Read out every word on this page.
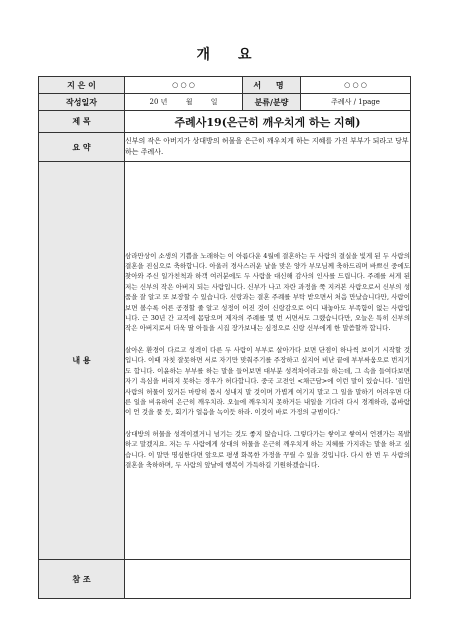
개 요
지 은 이	○ ○ ○	서 명	○ ○ ○
작성일자	20 년 월 일	분류/분량	주례사 / 1page
제 목	주례사19(은근히 깨우치게 하는 지혜)		
요 약	신부의 작은 아버지가 상대방의 허물을 은근히 깨우치게 하는 지혜를 가진 부부가 되라고 당부하는 주례사.		
내 용	삼라만상이 소생의 기쁨을 노래하는 이 아름다운 4월에 결혼하는 두 사람의 결실을 빛게 된 두 사람의 결혼을 진심으로 축하합니다. 아울러 경사스러운 날을 맞은 양가 부모님께 축하드리며 바쁘신 중에도 찾아와 주신 일가친척과 하객 여러분에도 두 사람을 대신해 감사의 인사를 드립니다. 주례를 서게 된 저는 신부의 작은 아버지 되는 사람입니다. 신부가 나고 자란 과정을 쭉 지켜본 사람으로서 신부의 성품을 잘 알고 또 보장할 수 있습니다. 신랑과는 결혼 주례를 부탁 받으면서 처음 만났습니다만, 사람이 보면 볼수록 어른 공경할 줄 알고 성정이 어진 것이 신랑감으로 어디 내놓아도 부족함이 없는 사람입니다. 근 30년 간 교직에 몸담으며 제자의 주례를 몇 번 서면서도 그랬습니다만, 오늘은 특히 신부의 작은 아버지로서 더욱 딸 아들을 시집 장가보내는 심정으로 신랑 신부에게 한 말씀할까 합니다.

살아온 환경이 다르고 성격이 다른 두 사람이 부부로 살아가다 보면 단점이 하나씩 보이기 시작할 것입니다. 이때 자칫 잘못하면 서로 자기만 맞춰주기를 주장하고 싶지어 비난 끝에 부부싸움으로 번지기도 합니다. 이윤하는 부부를 하는 말을 들어보면 대부분 성격차이라고들 하는데, 그 속을 들여다보면 자기 욕심을 버리지 못하는 경우가 허다합니다. 중국 고전인 <채근담>에 이런 말이 있습니다. '집안사람의 허물이 있거든 마땅히 몹시 성내지 말 것이며 가볍게 여기지 말고 그 일을 말하기 어려우면 다른 일을 비유하여 은근히 깨우치라. 오늘에 깨우치지 못하거든 내일을 기다려 다시 경계하라, 봄바람이 언 것을 풀 듯, 회기가 얼음을 녹이듯 하라. 이것이 바로 가정의 규범이다.'

상대방의 허물을 성격이겠거니 넘기는 것도 좋지 않습니다. 그렇다가는 쌓이고 쌓여서 언젠가는 폭발하고 말겠지요. 저는 두 사람에게 상대의 허물을 은근히 깨우치게 하는 지혜를 가지라는 말을 하고 싶습니다. 이 말만 명심한다면 앞으로 평생 화목한 가정을 꾸릴 수 있을 것입니다. 다시 한 번 두 사람의 결혼을 축하하며, 두 사람의 앞날에 행복이 가득하길 기원하겠습니다.		

참 조			
